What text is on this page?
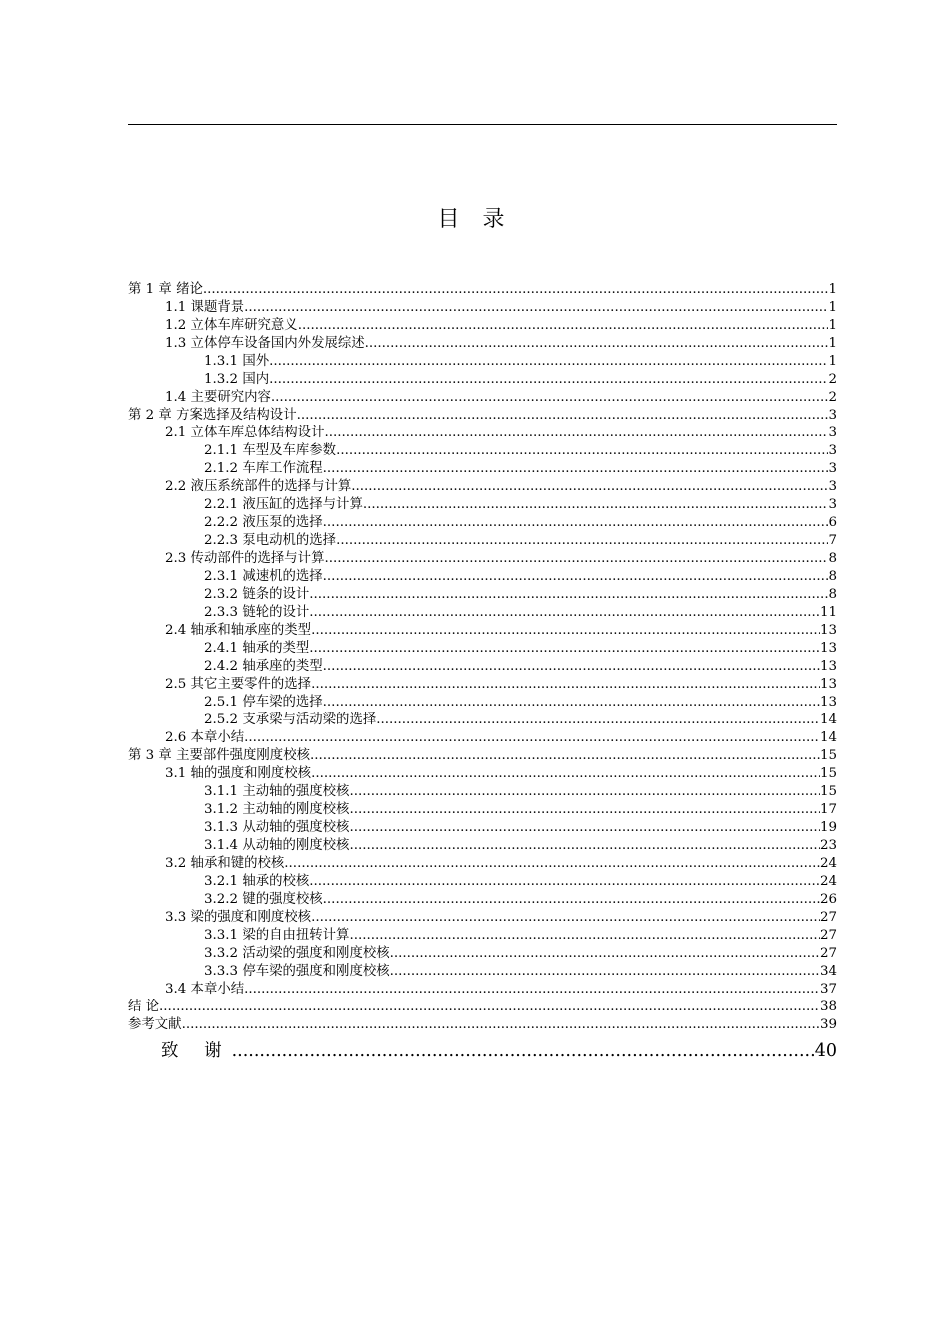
目 录
第 1 章 绪论 .....	1
1.1 课题背景 .....	1
1.2 立体车库研究意义 .....	1
1.3 立体停车设备国内外发展综述 .....	1
1.3.1 国外 .....	1
1.3.2 国内 .....	2
1.4 主要研究内容 .....	2
第 2 章 方案选择及结构设计 .....	3
2.1 立体车库总体结构设计 .....	3
2.1.1 车型及车库参数 .....	3
2.1.2 车库工作流程 .....	3
2.2 液压系统部件的选择与计算 .....	3
2.2.1 液压缸的选择与计算 .....	3
2.2.2 液压泵的选择 .....	6
2.2.3 泵电动机的选择 .....	7
2.3 传动部件的选择与计算 .....	8
2.3.1 减速机的选择 .....	8
2.3.2 链条的设计 .....	8
2.3.3 链轮的设计 .....	11
2.4 轴承和轴承座的类型 .....	13
2.4.1 轴承的类型 .....	13
2.4.2 轴承座的类型 .....	13
2.5 其它主要零件的选择 .....	13
2.5.1 停车梁的选择 .....	13
2.5.2 支承梁与活动梁的选择 .....	14
2.6 本章小结 .....	14
第 3 章 主要部件强度刚度校核 .....	15
3.1 轴的强度和刚度校核 .....	15
3.1.1 主动轴的强度校核 .....	15
3.1.2 主动轴的刚度校核 .....	17
3.1.3 从动轴的强度校核 .....	19
3.1.4 从动轴的刚度校核 .....	23
3.2 轴承和键的校核 .....	24
3.2.1 轴承的校核 .....	24
3.2.2 键的强度校核 .....	26
3.3 梁的强度和刚度校核 .....	27
3.3.1 梁的自由扭转计算 .....	27
3.3.2 活动梁的强度和刚度校核 .....	27
3.3.3 停车梁的强度和刚度校核 .....	34
3.4 本章小结 .....	37
结 论 .....	38
参考文献 .....	39
致 谢 .....	40
